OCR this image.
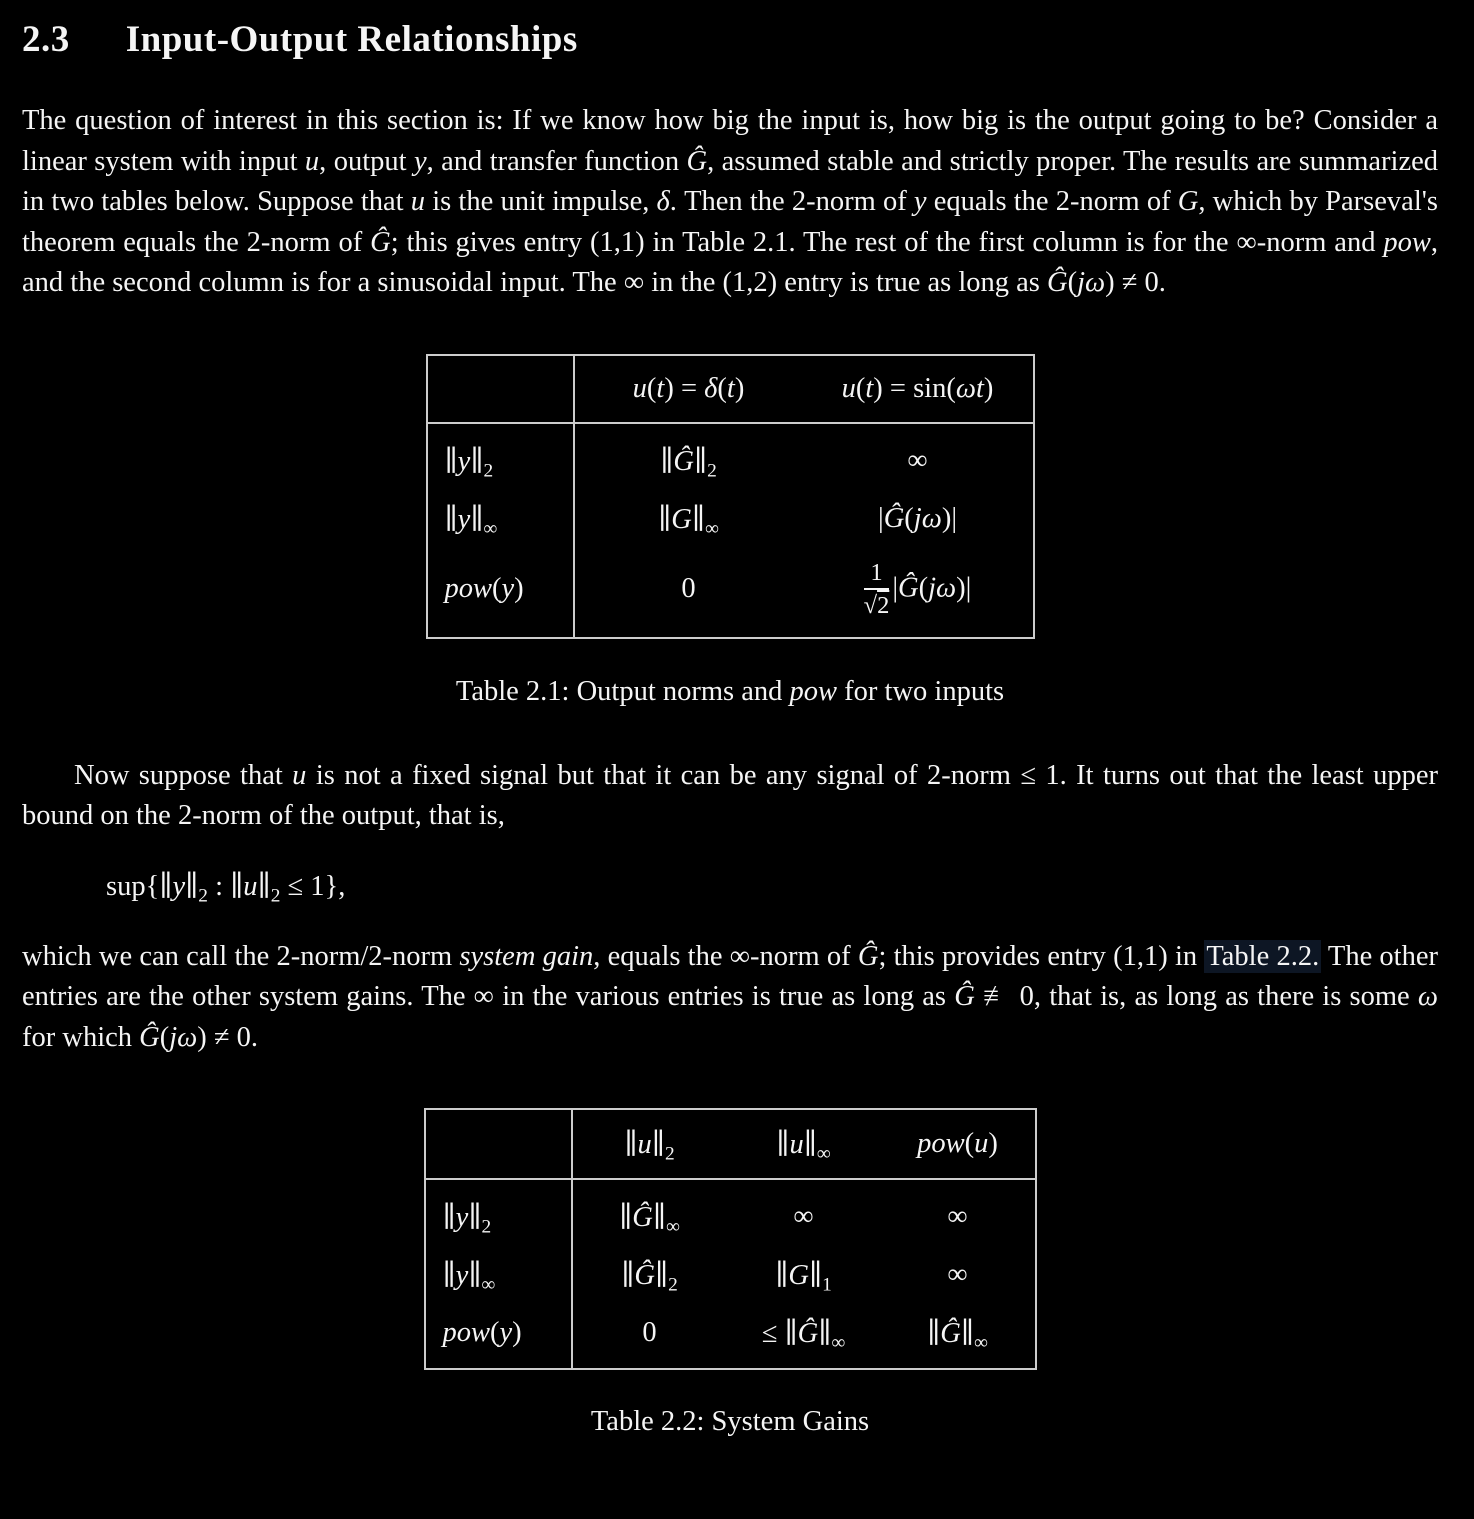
2.3 Input-Output Relationships

The question of interest in this section is: If we know how big the input is, how big is the output going to be? Consider a linear system with input u, output y, and transfer function Ĝ, assumed stable and strictly proper. The results are summarized in two tables below. Suppose that u is the unit impulse, δ. Then the 2-norm of y equals the 2-norm of G, which by Parseval's theorem equals the 2-norm of Ĝ; this gives entry (1,1) in Table 2.1. The rest of the first column is for the ∞-norm and pow, and the second column is for a sinusoidal input. The ∞ in the (1,2) entry is true as long as Ĝ(jω) ≠ 0.

	u(t) = δ(t)	u(t) = sin(ωt)
$\parallel y\parallel_2$	$\parallel Ĝ\parallel_2$	∞
$\parallel y\parallel_\infty$	$\parallel G\parallel_\infty$	|Ĝ(jω)|
pow(y)	0	$\frac{1}{√2}$ |Ĝ(jω)|
Table 2.1: Output norms and pow for two inputs

Now suppose that u is not a fixed signal but that it can be any signal of 2-norm ≤ 1. It turns out that the least upper bound on the 2-norm of the output, that is,

$sup\{\parallel y\parallel_2$ : $\parallel u\parallel_2 \le 1$},

which we can call the 2-norm/2-norm system gain, equals the ∞-norm of Ĝ; this provides entry (1,1) in Table 2.2. The other entries are the other system gains. The ∞ in the various entries is true as long as Ĝ ≢ 0, that is, as long as there is some ω for which Ĝ(jω) ≠ 0.

	$\parallel u\parallel_2$	$\parallel u\parallel_\infty$	pow(u)
$\parallel y\parallel_2$	$\parallel Ĝ\parallel_\infty$	∞	∞
$\parallel y\parallel_\infty$	$\parallel Ĝ\parallel_2$	$\parallel G\parallel_1$	∞
pow(y)	0	≤ $\parallel Ĝ\parallel_\infty$	$\parallel Ĝ\parallel_\infty$
Table 2.2: System Gains
